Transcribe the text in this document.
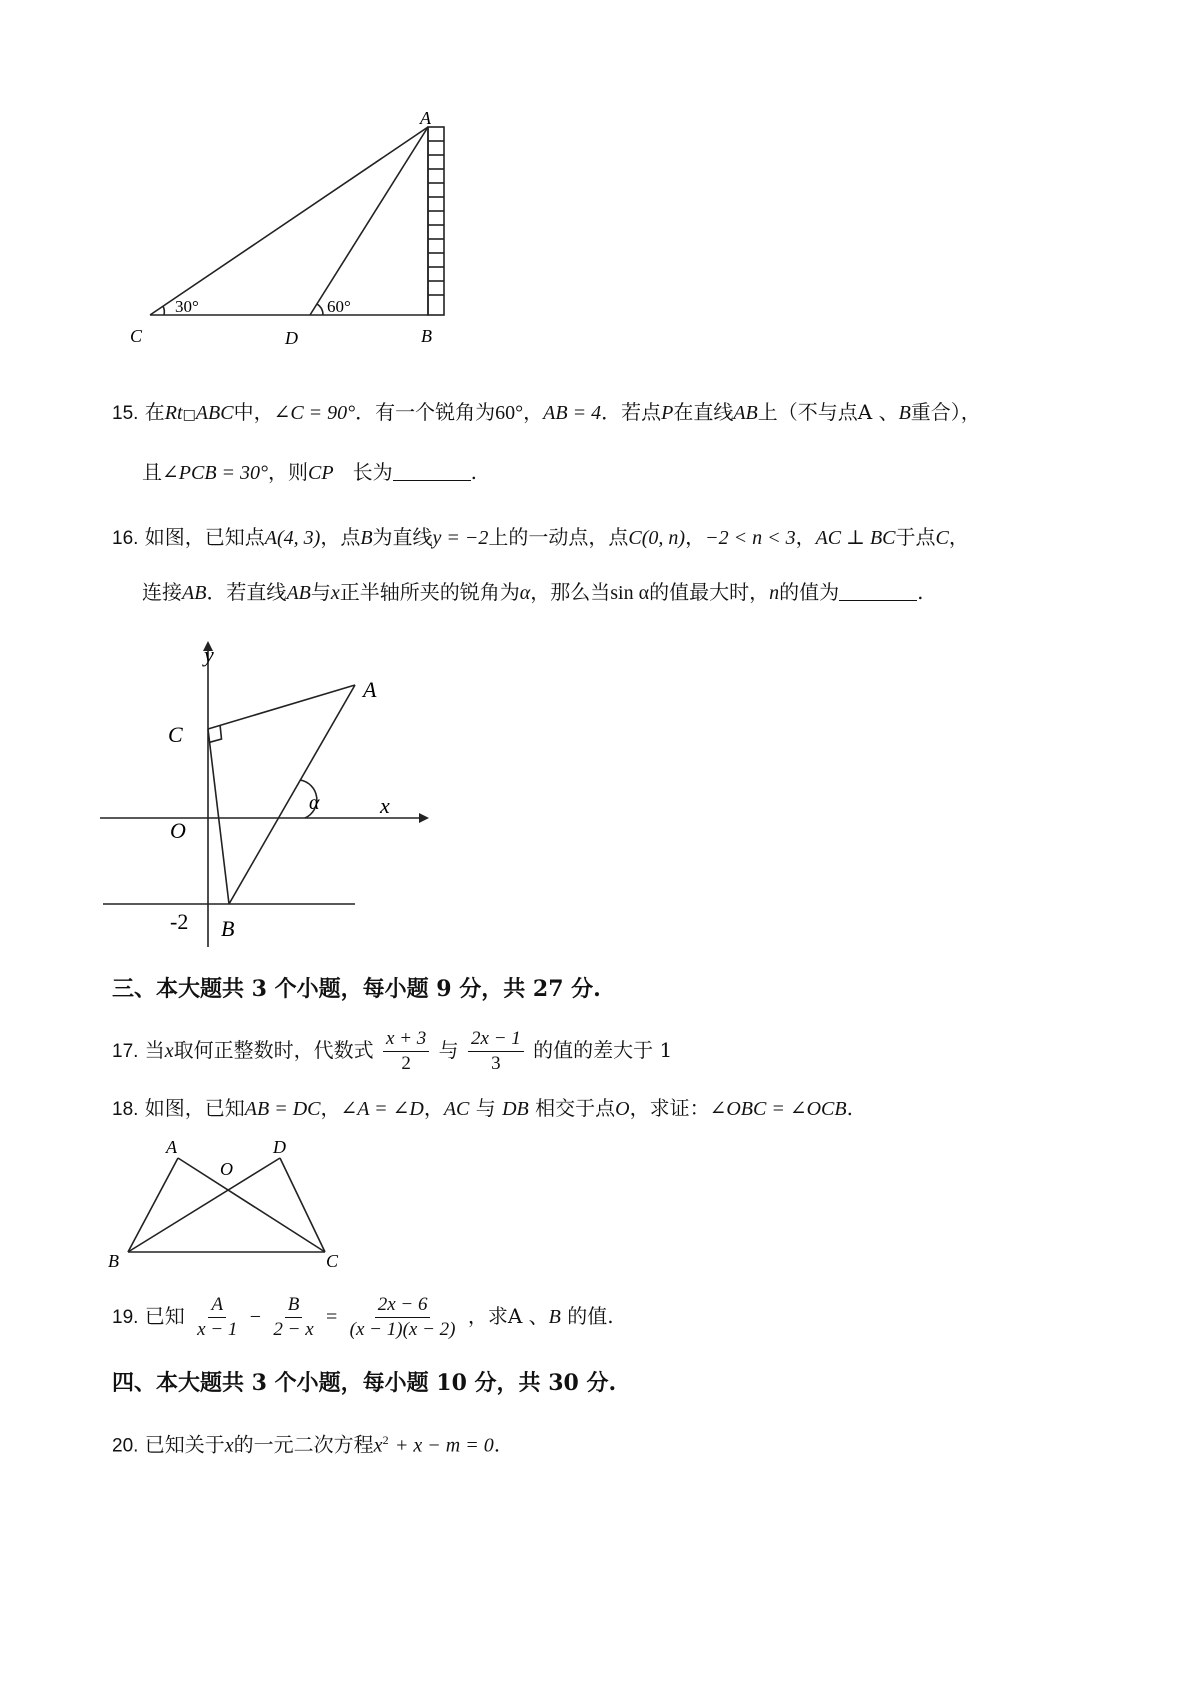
A
C	D	B
30°	60°
15. 在Rt□ABC中，∠C = 90°．有一个锐角为60°，AB = 4．若点P在直线AB上（不与点A 、B重合），
且∠PCB = 30°，则CP 长为	.
16. 如图，已知点A(4, 3)，点B为直线y = −2上的一动点，点C(0, n)，−2 < n < 3，AC ⊥ BC于点C，
连接AB．若直线AB与x正半轴所夹的锐角为α，那么当sin α的值最大时，n的值为	.
y
x
A
C
O
-2 B
α
三、本大题共 3 个小题，每小题 9 分，共 27 分.
17. 当x取何正整数时，代数式 $\frac{x + 3}{2}$ 与 $\frac{2x - 1}{3}$ 的值的差大于 1
18. 如图，已知AB = DC，∠A = ∠D，AC 与 DB 相交于点O，求证：∠OBC = ∠OCB.
A	D
O
B	C
19. 已知 $\frac{A}{x - 1} - \frac{B}{2 - x} = \frac{2x - 6}{(x - 1)(x - 2)}$ ，求A 、B 的值.
四、本大题共 3 个小题，每小题 10 分，共 30 分.
20. 已知关于x的一元二次方程$x^2 + x - m = 0$.
